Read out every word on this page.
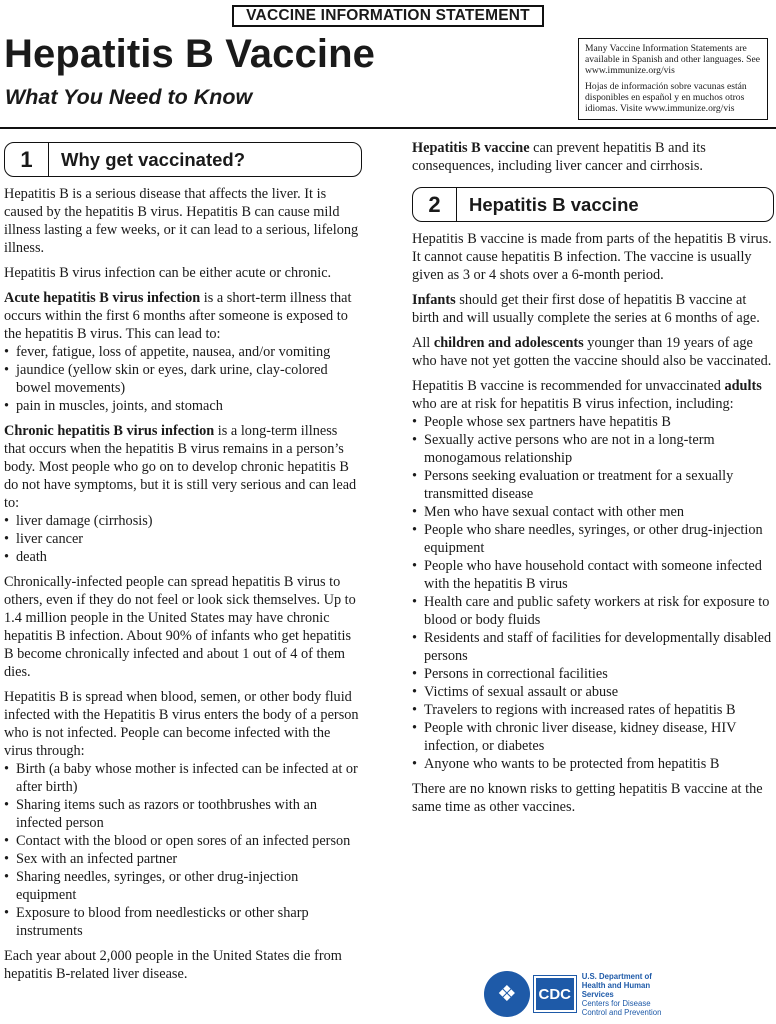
VACCINE INFORMATION STATEMENT
Hepatitis B Vaccine
What You Need to Know

Many Vaccine Information Statements are available in Spanish and other languages. See www.immunize.org/vis

Hojas de información sobre vacunas están disponibles en español y en muchos otros idiomas. Visite www.immunize.org/vis

1	Why get vaccinated?

Hepatitis B is a serious disease that affects the liver. It is caused by the hepatitis B virus. Hepatitis B can cause mild illness lasting a few weeks, or it can lead to a serious, lifelong illness.

Hepatitis B virus infection can be either acute or chronic.

Acute hepatitis B virus infection is a short-term illness that occurs within the first 6 months after someone is exposed to the hepatitis B virus. This can lead to:

• fever, fatigue, loss of appetite, nausea, and/or vomiting
• jaundice (yellow skin or eyes, dark urine, clay-colored bowel movements)
• pain in muscles, joints, and stomach

Chronic hepatitis B virus infection is a long-term illness that occurs when the hepatitis B virus remains in a person’s body. Most people who go on to develop chronic hepatitis B do not have symptoms, but it is still very serious and can lead to:

• liver damage (cirrhosis)
• liver cancer
• death

Chronically-infected people can spread hepatitis B virus to others, even if they do not feel or look sick themselves. Up to 1.4 million people in the United States may have chronic hepatitis B infection. About 90% of infants who get hepatitis B become chronically infected and about 1 out of 4 of them dies.

Hepatitis B is spread when blood, semen, or other body fluid infected with the Hepatitis B virus enters the body of a person who is not infected. People can become infected with the virus through:

• Birth (a baby whose mother is infected can be infected at or after birth)
• Sharing items such as razors or toothbrushes with an infected person
• Contact with the blood or open sores of an infected person
• Sex with an infected partner
• Sharing needles, syringes, or other drug-injection equipment
• Exposure to blood from needlesticks or other sharp instruments

Each year about 2,000 people in the United States die from hepatitis B-related liver disease.

Hepatitis B vaccine can prevent hepatitis B and its consequences, including liver cancer and cirrhosis.

2	Hepatitis B vaccine

Hepatitis B vaccine is made from parts of the hepatitis B virus. It cannot cause hepatitis B infection. The vaccine is usually given as 3 or 4 shots over a 6-month period.

Infants should get their first dose of hepatitis B vaccine at birth and will usually complete the series at 6 months of age.

All children and adolescents younger than 19 years of age who have not yet gotten the vaccine should also be vaccinated.

Hepatitis B vaccine is recommended for unvaccinated adults who are at risk for hepatitis B virus infection, including:

• People whose sex partners have hepatitis B
• Sexually active persons who are not in a long-term monogamous relationship
• Persons seeking evaluation or treatment for a sexually transmitted disease
• Men who have sexual contact with other men
• People who share needles, syringes, or other drug-injection equipment
• People who have household contact with someone infected with the hepatitis B virus
• Health care and public safety workers at risk for exposure to blood or body fluids
• Residents and staff of facilities for developmentally disabled persons
• Persons in correctional facilities
• Victims of sexual assault or abuse
• Travelers to regions with increased rates of hepatitis B
• People with chronic liver disease, kidney disease, HIV infection, or diabetes
• Anyone who wants to be protected from hepatitis B

There are no known risks to getting hepatitis B vaccine at the same time as other vaccines.

❖	CDC
U.S. Department of
Health and Human Services
Centers for Disease
Control and Prevention
